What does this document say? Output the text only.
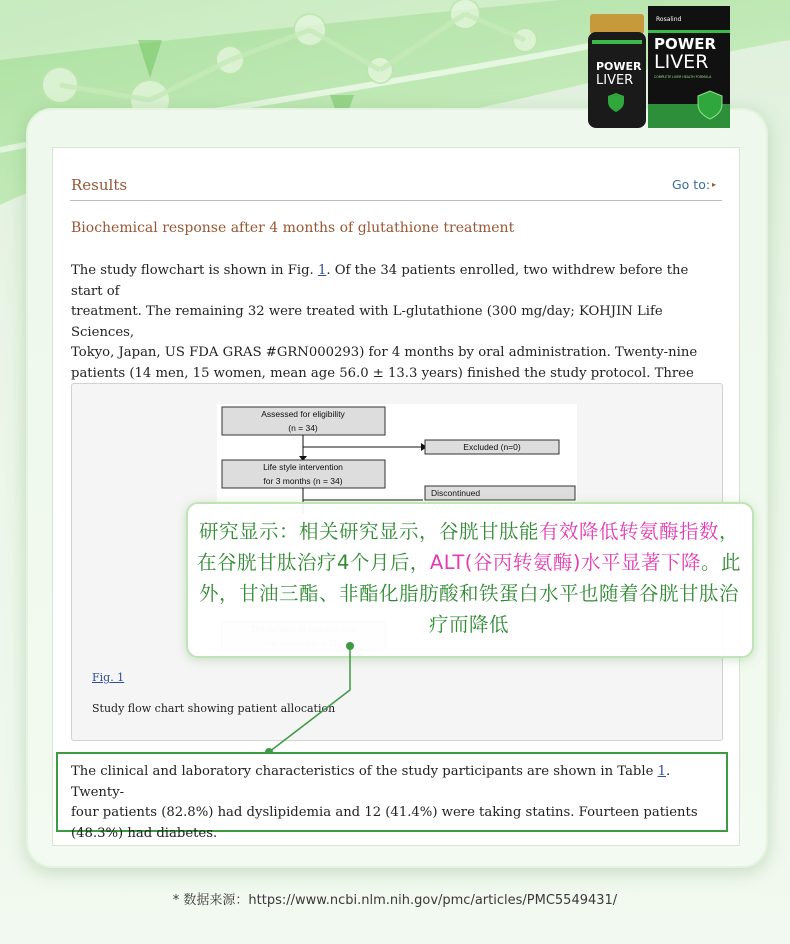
Rosalind
POWER
LIVER
COMPLETE LIVER HEALTH FORMULA
POWER
LIVER
Results	Go to: ▸
Biochemical response after 4 months of glutathione treatment
The study flowchart is shown in Fig. 1. Of the 34 patients enrolled, two withdrew before the start of
treatment. The remaining 32 were treated with L-glutathione (300 mg/day; KOHJIN Life Sciences,
Tokyo, Japan, US FDA GRAS #GRN000293) for 4 months by oral administration. Twenty-nine
patients (14 men, 15 women, mean age 56.0 ± 13.3 years) finished the study protocol. Three
Assessed for eligibility
(n = 34)
Excluded (n=0)
Life style intervention
for 3 months (n = 34)
Discontinued
Fig. 1
Study flow chart showing patient allocation
研究显示：相关研究显示，谷胱甘肽能有效降低转氨酶指数，在谷胱甘肽治疗4个月后，ALT(谷丙转氨酶)水平显著下降。此外，甘油三酯、非酯化脂肪酸和铁蛋白水平也随着谷胱甘肽治疗而降低
The clinical and laboratory characteristics of the study participants are shown in Table 1. Twenty-
four patients (82.8%) had dyslipidemia and 12 (41.4%) were taking statins. Fourteen patients
(48.3%) had diabetes.
* 数据来源：https://www.ncbi.nlm.nih.gov/pmc/articles/PMC5549431/
